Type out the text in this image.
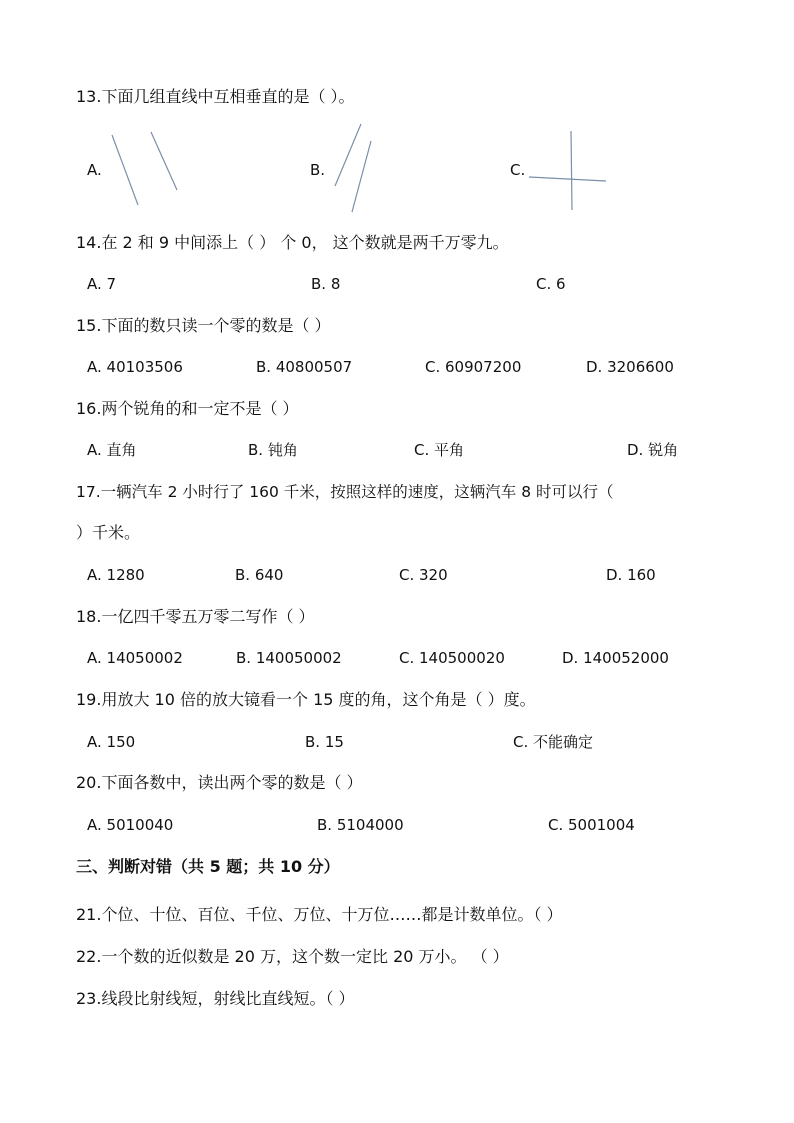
13.下面几组直线中互相垂直的是（ ）。
A.	B.	C.
14.在 2 和 9 中间添上（ ） 个 0， 这个数就是两千万零九。
A. 7	B. 8	C. 6
15.下面的数只读一个零的数是（ ）
A. 40103506	B. 40800507	C. 60907200	D. 3206600
16.两个锐角的和一定不是（ ）
A. 直角	B. 钝角	C. 平角	D. 锐角
17.一辆汽车 2 小时行了 160 千米，按照这样的速度，这辆汽车 8 时可以行（
）千米。
A. 1280	B. 640	C. 320	D. 160
18.一亿四千零五万零二写作（ ）
A. 14050002	B. 140050002	C. 140500020	D. 140052000
19.用放大 10 倍的放大镜看一个 15 度的角，这个角是（ ）度。
A. 150	B. 15	C. 不能确定
20.下面各数中，读出两个零的数是（ ）
A. 5010040	B. 5104000	C. 5001004
三、判断对错（共 5 题；共 10 分）
21.个位、十位、百位、千位、万位、十万位……都是计数单位。（ ）
22.一个数的近似数是 20 万，这个数一定比 20 万小。 （ ）
23.线段比射线短，射线比直线短。（ ）
